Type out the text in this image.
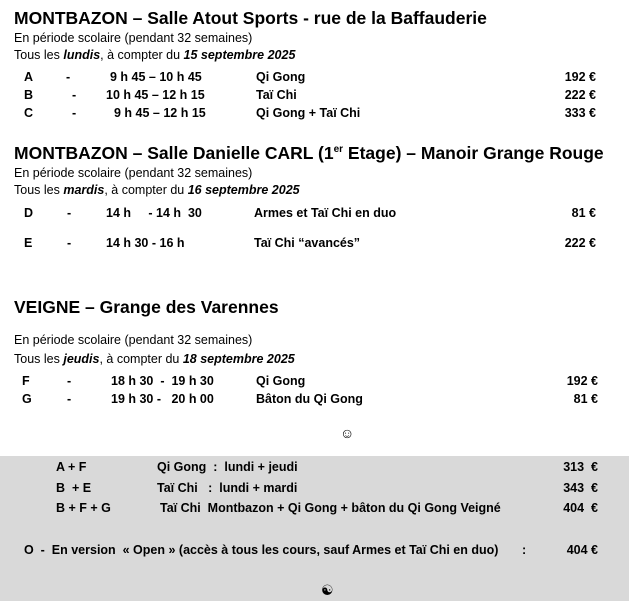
MONTBAZON – Salle Atout Sports - rue de la Baffauderie
En période scolaire (pendant 32 semaines)
Tous les lundis, à compter du 15 septembre 2025
A	-	9 h 45 – 10 h 45	Qi Gong	192 €
B	- 10 h 45 – 12 h 15	Taï Chi	222 €
C	-	9 h 45 – 12 h 15	Qi Gong + Taï Chi	333 €
MONTBAZON – Salle Danielle CARL (1er Etage) – Manoir Grange Rouge
En période scolaire (pendant 32 semaines)
Tous les mardis, à compter du 16 septembre 2025
D	-	14 h     - 14 h  30	Armes et Taï Chi en duo	81 €
E	-	14 h 30 - 16 h	Taï Chi “avancés”	222 €
VEIGNE – Grange des Varennes
En période scolaire (pendant 32 semaines)
Tous les jeudis, à compter du 18 septembre 2025
F	-	18 h 30  -  19 h 30	Qi Gong	192 €
G	-	19 h 30 -   20 h 00	Bâton du Qi Gong	81 €
☺
A + F	Qi Gong  :  lundi + jeudi	313  €
B  + E	Taï Chi   :  lundi + mardi	343  €
B + F + G	Taï Chi  Montbazon + Qi Gong + bâton du Qi Gong Veigné	404  €
O  -  En version  « Open » (accès à tous les cours, sauf Armes et Taï Chi en duo) :	404 €
☯
